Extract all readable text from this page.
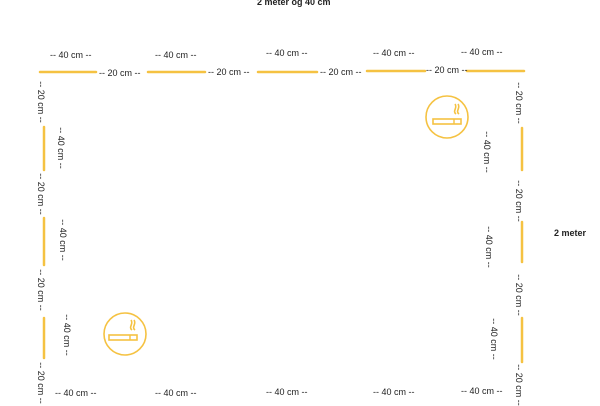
2 meter og 40 cm
2 meter
-- 40 cm --	-- 40 cm --	-- 40 cm --	-- 40 cm --	-- 40 cm --
-- 20 cm --	-- 20 cm --	-- 20 cm --	-- 20 cm --
-- 40 cm --	-- 40 cm --	-- 40 cm --	-- 40 cm --	-- 40 cm --
-- 20 cm --
-- 20 cm --
-- 20 cm --
-- 20 cm --
-- 40 cm --
-- 40 cm --
-- 40 cm --
-- 20 cm --
-- 20 cm --
-- 20 cm --
-- 20 cm --
-- 40 cm --
-- 40 cm --
-- 40 cm --
